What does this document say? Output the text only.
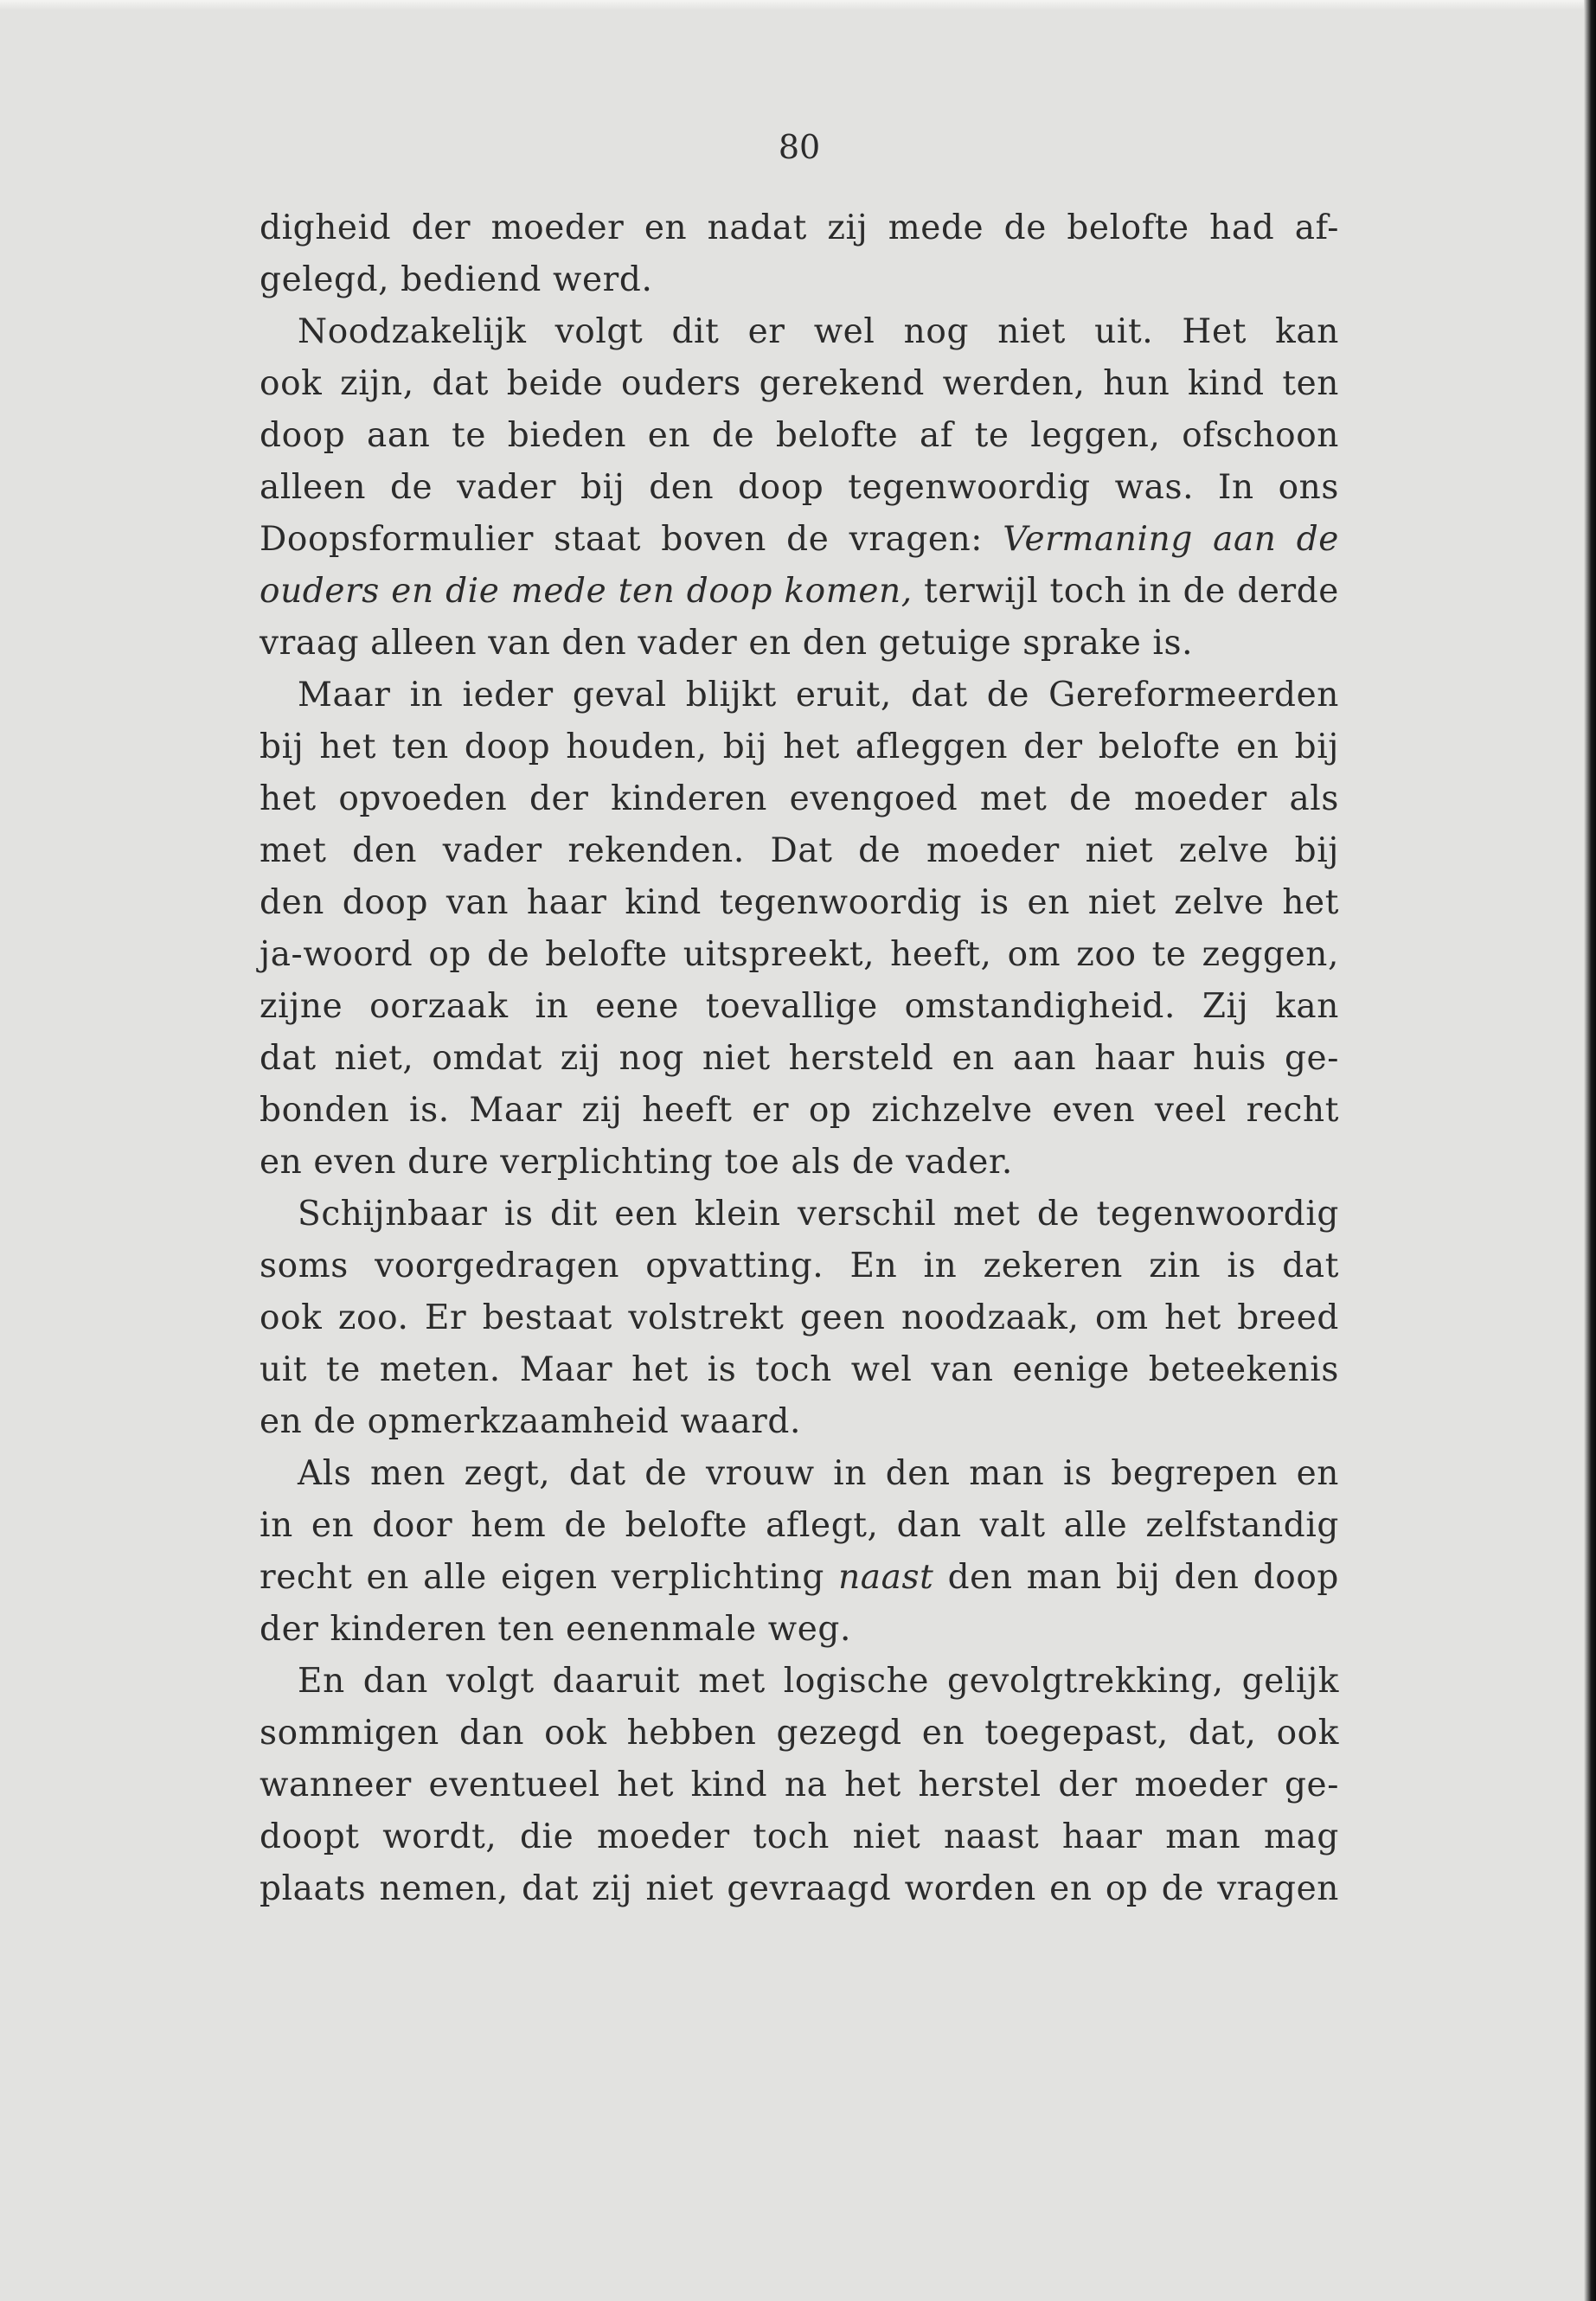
80
digheid der moeder en nadat zij mede de belofte had af-
gelegd, bediend werd.
Noodzakelijk volgt dit er wel nog niet uit. Het kan
ook zijn, dat beide ouders gerekend werden, hun kind ten
doop aan te bieden en de belofte af te leggen, ofschoon
alleen de vader bij den doop tegenwoordig was. In ons
Doopsformulier staat boven de vragen: Vermaning aan de
ouders en die mede ten doop komen, terwijl toch in de derde
vraag alleen van den vader en den getuige sprake is.
Maar in ieder geval blijkt eruit, dat de Gereformeerden
bij het ten doop houden, bij het afleggen der belofte en bij
het opvoeden der kinderen evengoed met de moeder als
met den vader rekenden. Dat de moeder niet zelve bij
den doop van haar kind tegenwoordig is en niet zelve het
ja-woord op de belofte uitspreekt, heeft, om zoo te zeggen,
zijne oorzaak in eene toevallige omstandigheid. Zij kan
dat niet, omdat zij nog niet hersteld en aan haar huis ge-
bonden is. Maar zij heeft er op zichzelve even veel recht
en even dure verplichting toe als de vader.
Schijnbaar is dit een klein verschil met de tegenwoordig
soms voorgedragen opvatting. En in zekeren zin is dat
ook zoo. Er bestaat volstrekt geen noodzaak, om het breed
uit te meten. Maar het is toch wel van eenige beteekenis
en de opmerkzaamheid waard.
Als men zegt, dat de vrouw in den man is begrepen en
in en door hem de belofte aflegt, dan valt alle zelfstandig
recht en alle eigen verplichting naast den man bij den doop
der kinderen ten eenenmale weg.
En dan volgt daaruit met logische gevolgtrekking, gelijk
sommigen dan ook hebben gezegd en toegepast, dat, ook
wanneer eventueel het kind na het herstel der moeder ge-
doopt wordt, die moeder toch niet naast haar man mag
plaats nemen, dat zij niet gevraagd worden en op de vragen
